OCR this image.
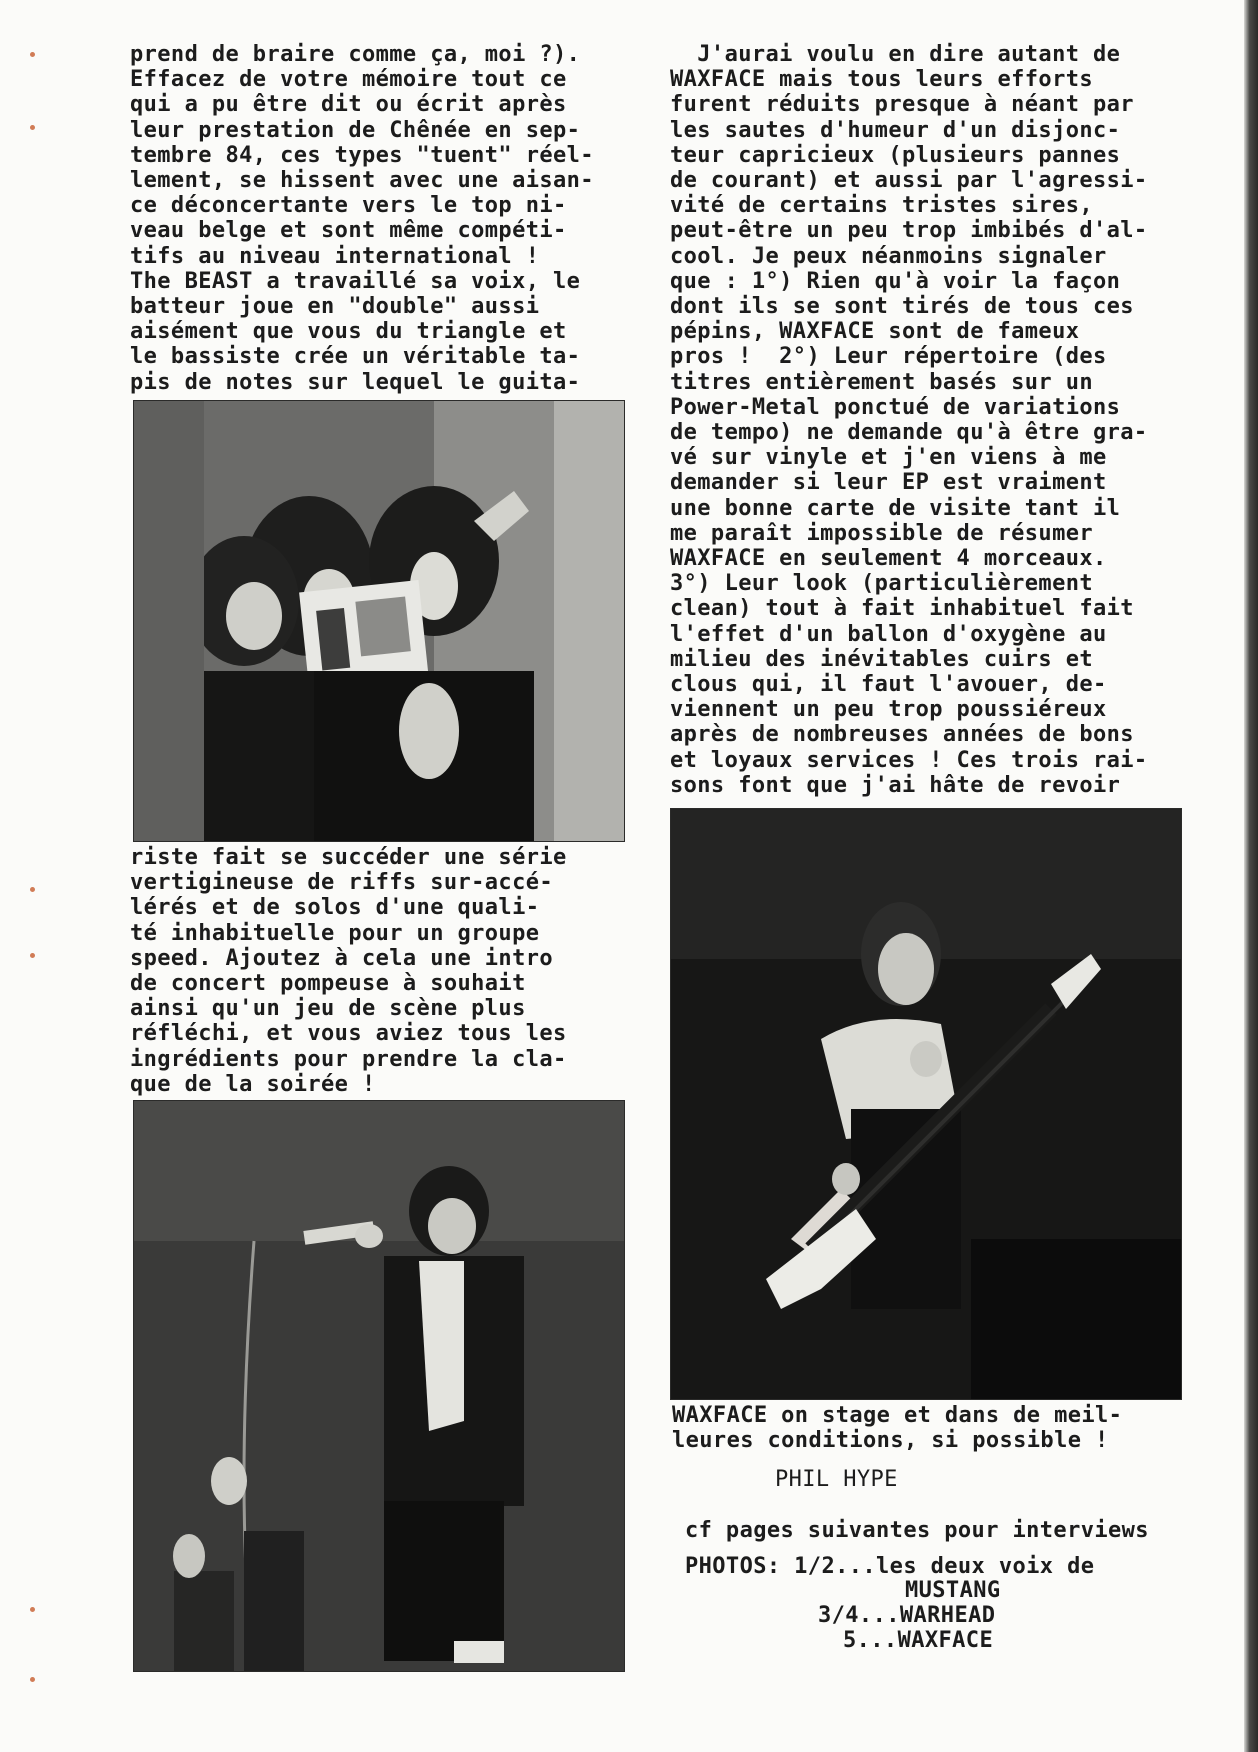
prend de braire comme ça, moi ?).
Effacez de votre mémoire tout ce
qui a pu être dit ou écrit après
leur prestation de Chênée en sep-
tembre 84, ces types "tuent" réel-
lement, se hissent avec une aisan-
ce déconcertante vers le top ni-
veau belge et sont même compéti-
tifs au niveau international !
The BEAST a travaillé sa voix, le
batteur joue en "double" aussi
aisément que vous du triangle et
le bassiste crée un véritable ta-
pis de notes sur lequel le guita-
riste fait se succéder une série
vertigineuse de riffs sur-accé-
lérés et de solos d'une quali-
té inhabituelle pour un groupe
speed. Ajoutez à cela une intro
de concert pompeuse à souhait
ainsi qu'un jeu de scène plus
réfléchi, et vous aviez tous les
ingrédients pour prendre la cla-
que de la soirée !
J'aurai voulu en dire autant de
WAXFACE mais tous leurs efforts
furent réduits presque à néant par
les sautes d'humeur d'un disjonc-
teur capricieux (plusieurs pannes
de courant) et aussi par l'agressi-
vité de certains tristes sires,
peut-être un peu trop imbibés d'al-
cool. Je peux néanmoins signaler
que : 1°) Rien qu'à voir la façon
dont ils se sont tirés de tous ces
pépins, WAXFACE sont de fameux
pros !  2°) Leur répertoire (des
titres entièrement basés sur un
Power-Metal ponctué de variations
de tempo) ne demande qu'à être gra-
vé sur vinyle et j'en viens à me
demander si leur EP est vraiment
une bonne carte de visite tant il
me paraît impossible de résumer
WAXFACE en seulement 4 morceaux.
3°) Leur look (particulièrement
clean) tout à fait inhabituel fait
l'effet d'un ballon d'oxygène au
milieu des inévitables cuirs et
clous qui, il faut l'avouer, de-
viennent un peu trop poussiéreux
après de nombreuses années de bons
et loyaux services ! Ces trois rai-
sons font que j'ai hâte de revoir
WAXFACE on stage et dans de meil-
leures conditions, si possible !

PHIL HYPE

cf pages suivantes pour interviews

PHOTOS: 1/2...les deux voix de

MUSTANG

3/4...WARHEAD

5...WAXFACE
